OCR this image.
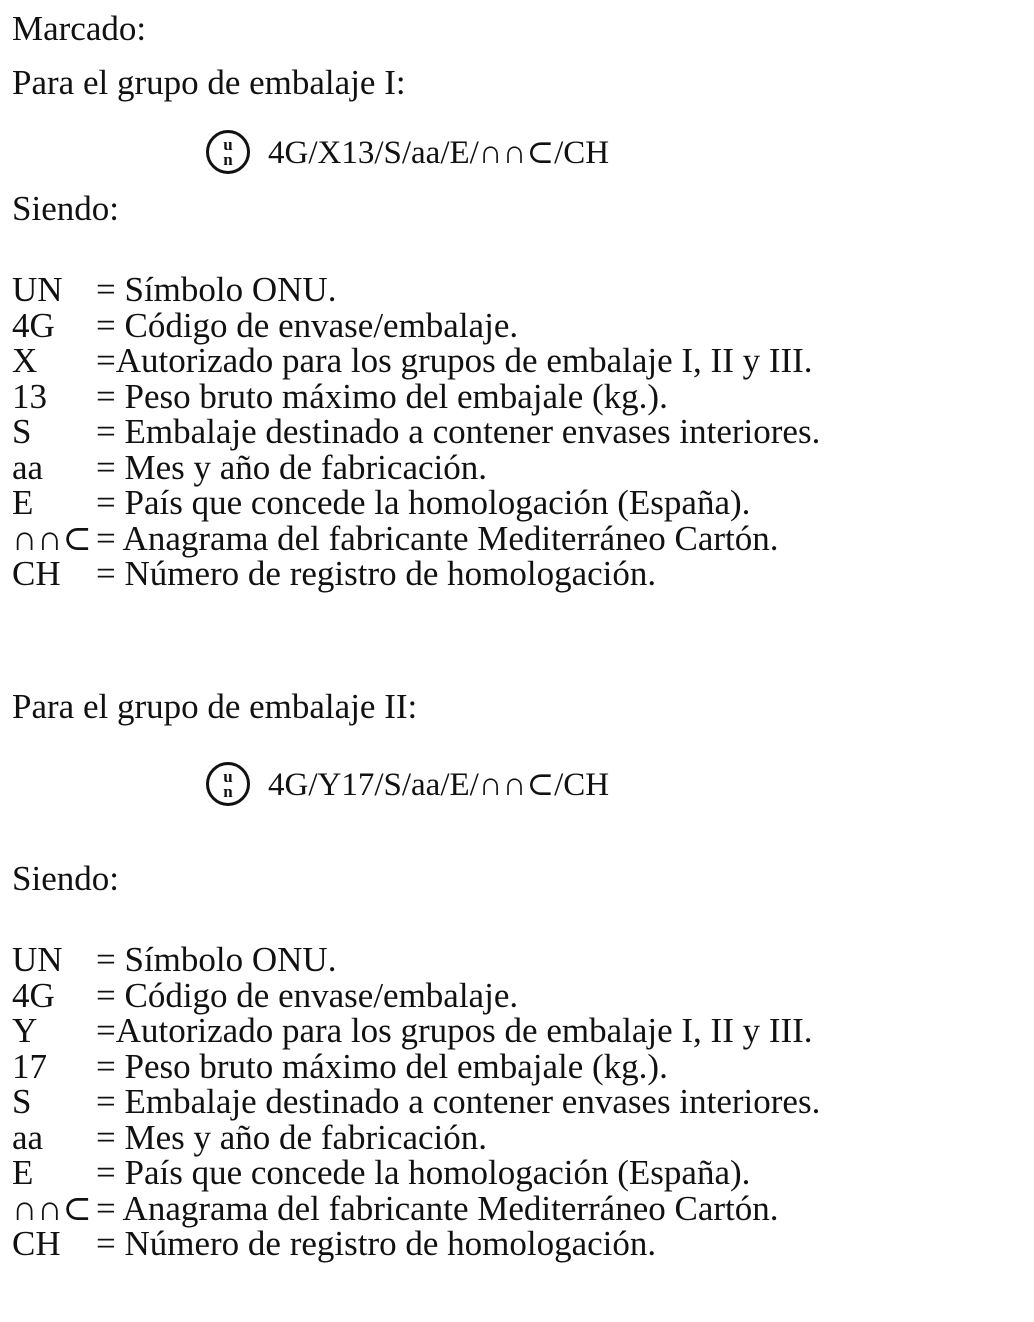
Marcado:
Para el grupo de embalaje I:
u
n 4G/X13/S/aa/E/∩∩⊂/CH
Siendo:
UN = Símbolo ONU.
4G	= Código de envase/embalaje.
X	=Autorizado para los grupos de embalaje I, II y III.
13	= Peso bruto máximo del embajale (kg.).
S	= Embalaje destinado a contener envases interiores.
aa	= Mes y año de fabricación.
E	= País que concede la homologación (España).
∩∩⊂ = Anagrama del fabricante Mediterráneo Cartón.
CH	= Número de registro de homologación.
Para el grupo de embalaje II:
u
n 4G/Y17/S/aa/E/∩∩⊂/CH
Siendo:
UN = Símbolo ONU.
4G	= Código de envase/embalaje.
Y	=Autorizado para los grupos de embalaje I, II y III.
17	= Peso bruto máximo del embajale (kg.).
S	= Embalaje destinado a contener envases interiores.
aa	= Mes y año de fabricación.
E	= País que concede la homologación (España).
∩∩⊂ = Anagrama del fabricante Mediterráneo Cartón.
CH	= Número de registro de homologación.
